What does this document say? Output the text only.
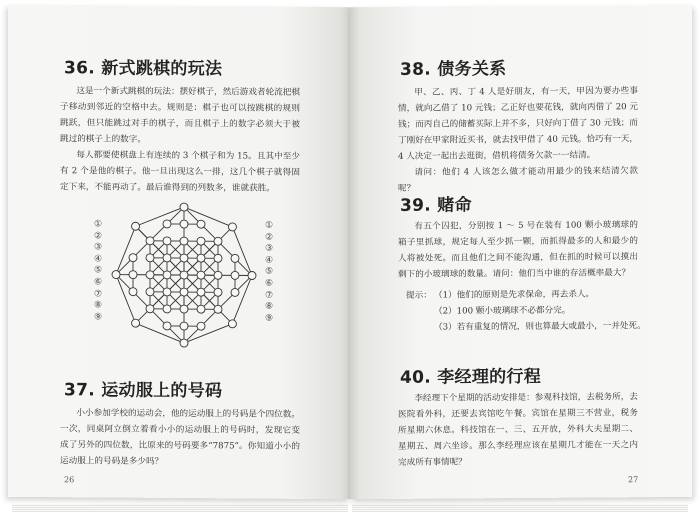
36. 新式跳棋的玩法

这是一个新式跳棋的玩法：摆好棋子，然后游戏者轮流把棋子移动到邻近的空格中去。规则是：棋子也可以按跳棋的规则跳跃，但只能跳过对手的棋子，而且棋子上的数字必须大于被跳过的棋子上的数字。

每人都要使棋盘上有连续的 3 个棋子和为 15。且其中至少有 2 个是他的棋子。他一旦出现这么一排，这几个棋子就得固定下来，不能再动了。最后谁得到的列数多，谁就获胜。

①
②
③
④
⑤
⑥
⑦
⑧
⑨
①
②
③
④
⑤
⑥
⑦
⑧
⑨
37. 运动服上的号码

小小参加学校的运动会，他的运动服上的号码是个四位数。一次，同桌阿立倒立着看小小的运动服上的号码时，发现它变成了另外的四位数，比原来的号码要多“7875”。你知道小小的运动服上的号码是多少吗？

26
38. 债务关系

甲、乙、丙、丁 4 人是好朋友，有一天，甲因为要办些事情，就向乙借了 10 元钱；乙正好也要花钱，就向丙借了 20 元钱；而丙自己的储蓄买际上并不多，只好向丁借了 30 元钱；而丁刚好在甲家附近买书，就去找甲借了 40 元钱。恰巧有一天，4 人决定一起出去逛街，借机将债务欠款一一结清。

请问：他们 4 人该怎么做才能动用最少的钱来结清欠款呢？

39. 赌命

有五个囚犯，分别按 1 ～ 5 号在装有 100 颗小玻璃球的箱子里抓球，规定每人至少抓一颗，而抓得最多的人和最少的人将被处死。而且他们之间不能沟通，但在抓的时候可以摸出剩下的小玻璃球的数量。请问：他们当中谁的存活概率最大？

提示： （1）他们的原则是先求保命，再去杀人。
（2）100 颗小玻璃球不必都分完。
（3）若有重复的情况，则也算最大或最小，一并处死。
40. 李经理的行程

李经理下个星期的活动安排是：参观科技馆，去税务所，去医院看外科，还要去宾馆吃午餐。宾馆在星期三不营业，税务所星期六休息。科技馆在一、三、五开放，外科大夫星期二、星期五、周六坐诊。那么李经理应该在星期几才能在一天之内完成所有事情呢？

27
